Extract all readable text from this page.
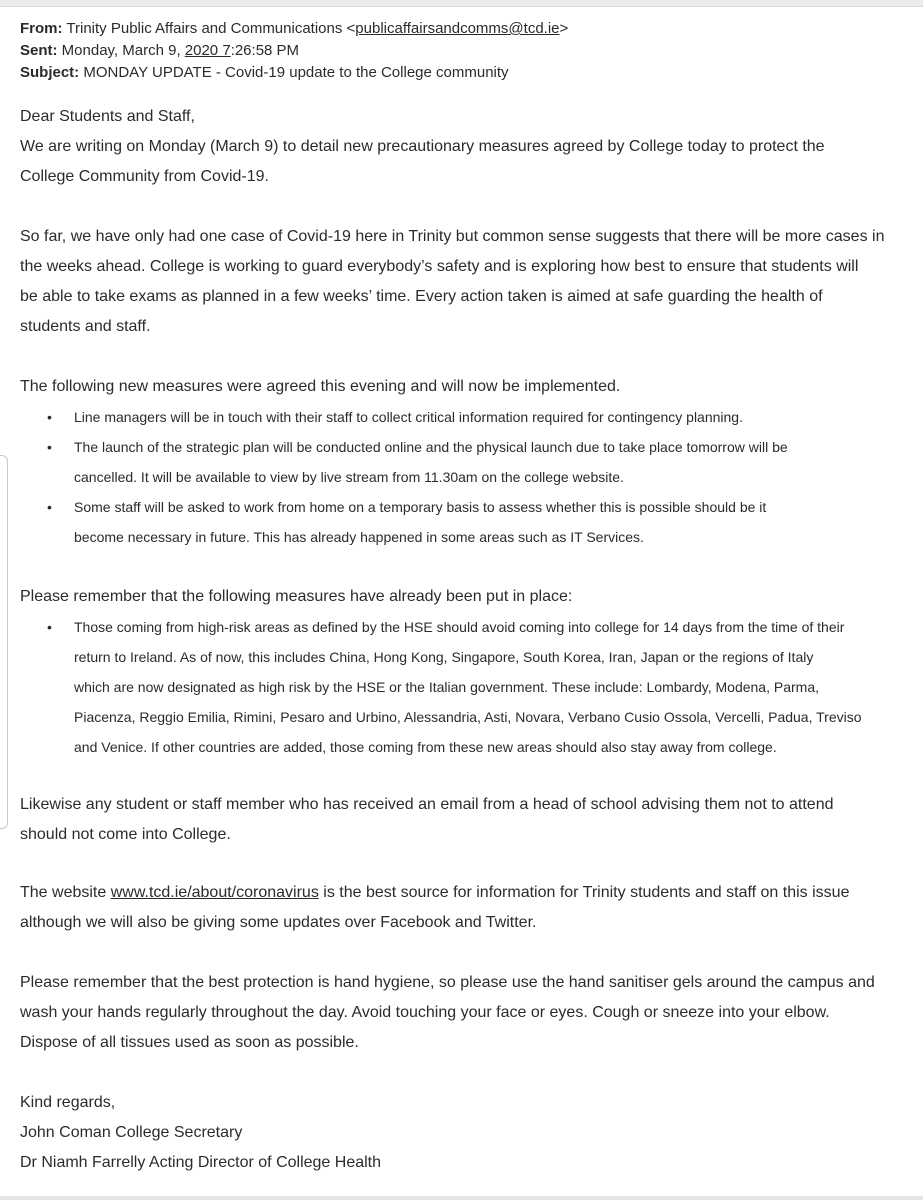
From: Trinity Public Affairs and Communications <publicaffairsandcomms@tcd.ie>
Sent: Monday, March 9, 2020 7:26:58 PM
Subject: MONDAY UPDATE - Covid-19 update to the College community

Dear Students and Staff,

We are writing on Monday (March 9) to detail new precautionary measures agreed by College today to protect the
College Community from Covid-19.

So far, we have only had one case of Covid-19 here in Trinity but common sense suggests that there will be more cases in
the weeks ahead. College is working to guard everybody’s safety and is exploring how best to ensure that students will
be able to take exams as planned in a few weeks’ time. Every action taken is aimed at safe guarding the health of
students and staff.

The following new measures were agreed this evening and will now be implemented.

• Line managers will be in touch with their staff to collect critical information required for contingency planning.
• The launch of the strategic plan will be conducted online and the physical launch due to take place tomorrow will be
cancelled. It will be available to view by live stream from 11.30am on the college website.
• Some staff will be asked to work from home on a temporary basis to assess whether this is possible should be it
become necessary in future. This has already happened in some areas such as IT Services.

Please remember that the following measures have already been put in place:

• Those coming from high-risk areas as defined by the HSE should avoid coming into college for 14 days from the time of their
return to Ireland. As of now, this includes China, Hong Kong, Singapore, South Korea, Iran, Japan or the regions of Italy
which are now designated as high risk by the HSE or the Italian government. These include: Lombardy, Modena, Parma,
Piacenza, Reggio Emilia, Rimini, Pesaro and Urbino, Alessandria, Asti, Novara, Verbano Cusio Ossola, Vercelli, Padua, Treviso
and Venice. If other countries are added, those coming from these new areas should also stay away from college.

Likewise any student or staff member who has received an email from a head of school advising them not to attend
should not come into College.

The website www.tcd.ie/about/coronavirus is the best source for information for Trinity students and staff on this issue
although we will also be giving some updates over Facebook and Twitter.

Please remember that the best protection is hand hygiene, so please use the hand sanitiser gels around the campus and
wash your hands regularly throughout the day. Avoid touching your face or eyes. Cough or sneeze into your elbow.
Dispose of all tissues used as soon as possible.

Kind regards,

John Coman College Secretary
Dr Niamh Farrelly Acting Director of College Health
